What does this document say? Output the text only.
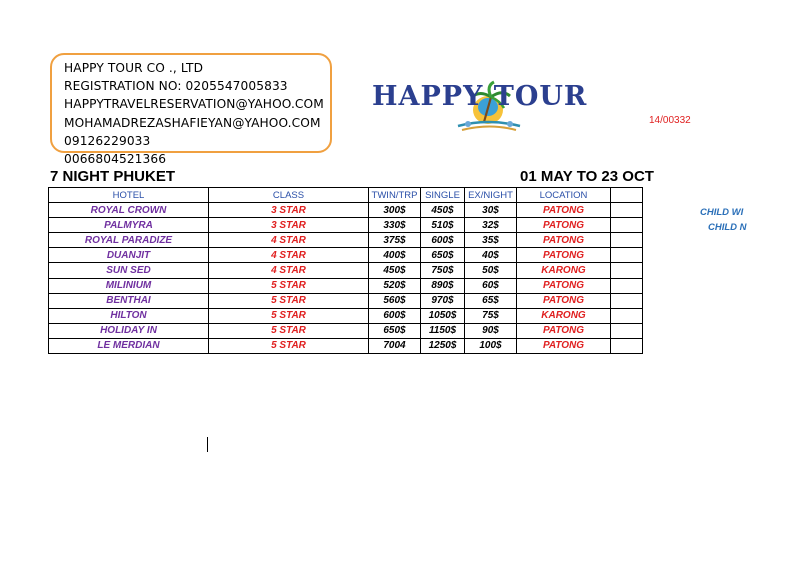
HAPPY TOUR CO ., LTD
REGISTRATION NO: 0205547005833
HAPPYTRAVELRESERVATION@YAHOO.COM
MOHAMADREZASHAFIEYAN@YAHOO.COM
09126229033
0066804521366
HAPPY TOUR
14/00332
7 NIGHT PHUKET	01 MAY TO 23 OCT
HOTEL	CLASS	TWIN/TRP	SINGLE	EX/NIGHT	LOCATION	
ROYAL CROWN	3 STAR	300$	450$	30$	PATONG	
PALMYRA	3 STAR	330$	510$	32$	PATONG	
ROYAL PARADIZE	4 STAR	375$	600$	35$	PATONG	
DUANJIT	4 STAR	400$	650$	40$	PATONG	
SUN SED	4 STAR	450$	750$	50$	KARONG	
MILINIUM	5 STAR	520$	890$	60$	PATONG	
BENTHAI	5 STAR	560$	970$	65$	PATONG	
HILTON	5 STAR	600$	1050$	75$	KARONG	
HOLIDAY IN	5 STAR	650$	1150$	90$	PATONG	
LE MERDIAN	5 STAR	7004	1250$	100$	PATONG	
CHILD WI
CHILD N
